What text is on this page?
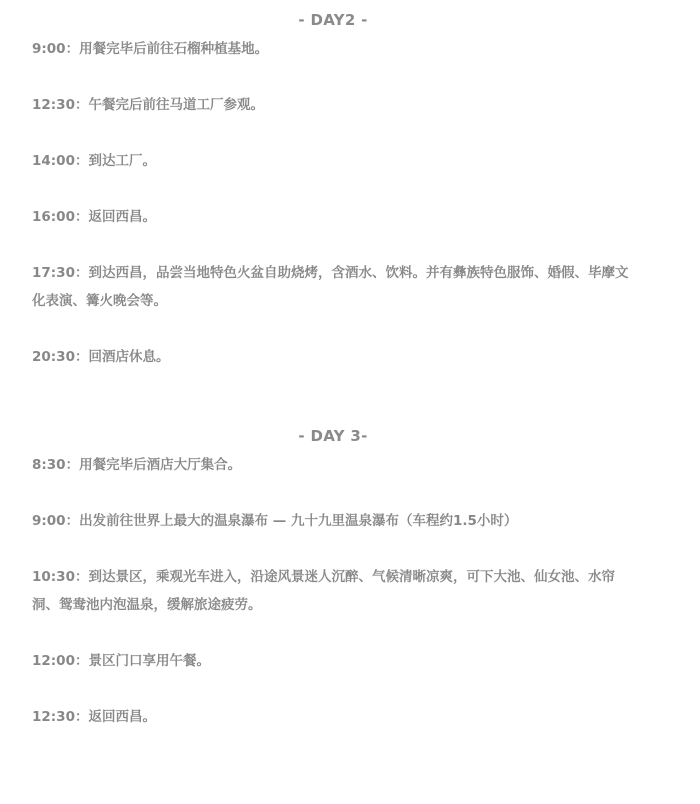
- DAY2 -
9:00：用餐完毕后前往石榴种植基地。
12:30：午餐完后前往马道工厂参观。
14:00：到达工厂。
16:00：返回西昌。
17:30：到达西昌，品尝当地特色火盆自助烧烤，含酒水、饮料。并有彝族特色服饰、婚假、毕摩文化表演、篝火晚会等。
20:30：回酒店休息。
- DAY 3-
8:30：用餐完毕后酒店大厅集合。
9:00：出发前往世界上最大的温泉瀑布 — 九十九里温泉瀑布（车程约1.5小时）
10:30：到达景区，乘观光车进入，沿途风景迷人沉醉、气候清晰凉爽，可下大池、仙女池、水帘洞、鸳鸯池内泡温泉，缓解旅途疲劳。
12:00：景区门口享用午餐。
12:30：返回西昌。
